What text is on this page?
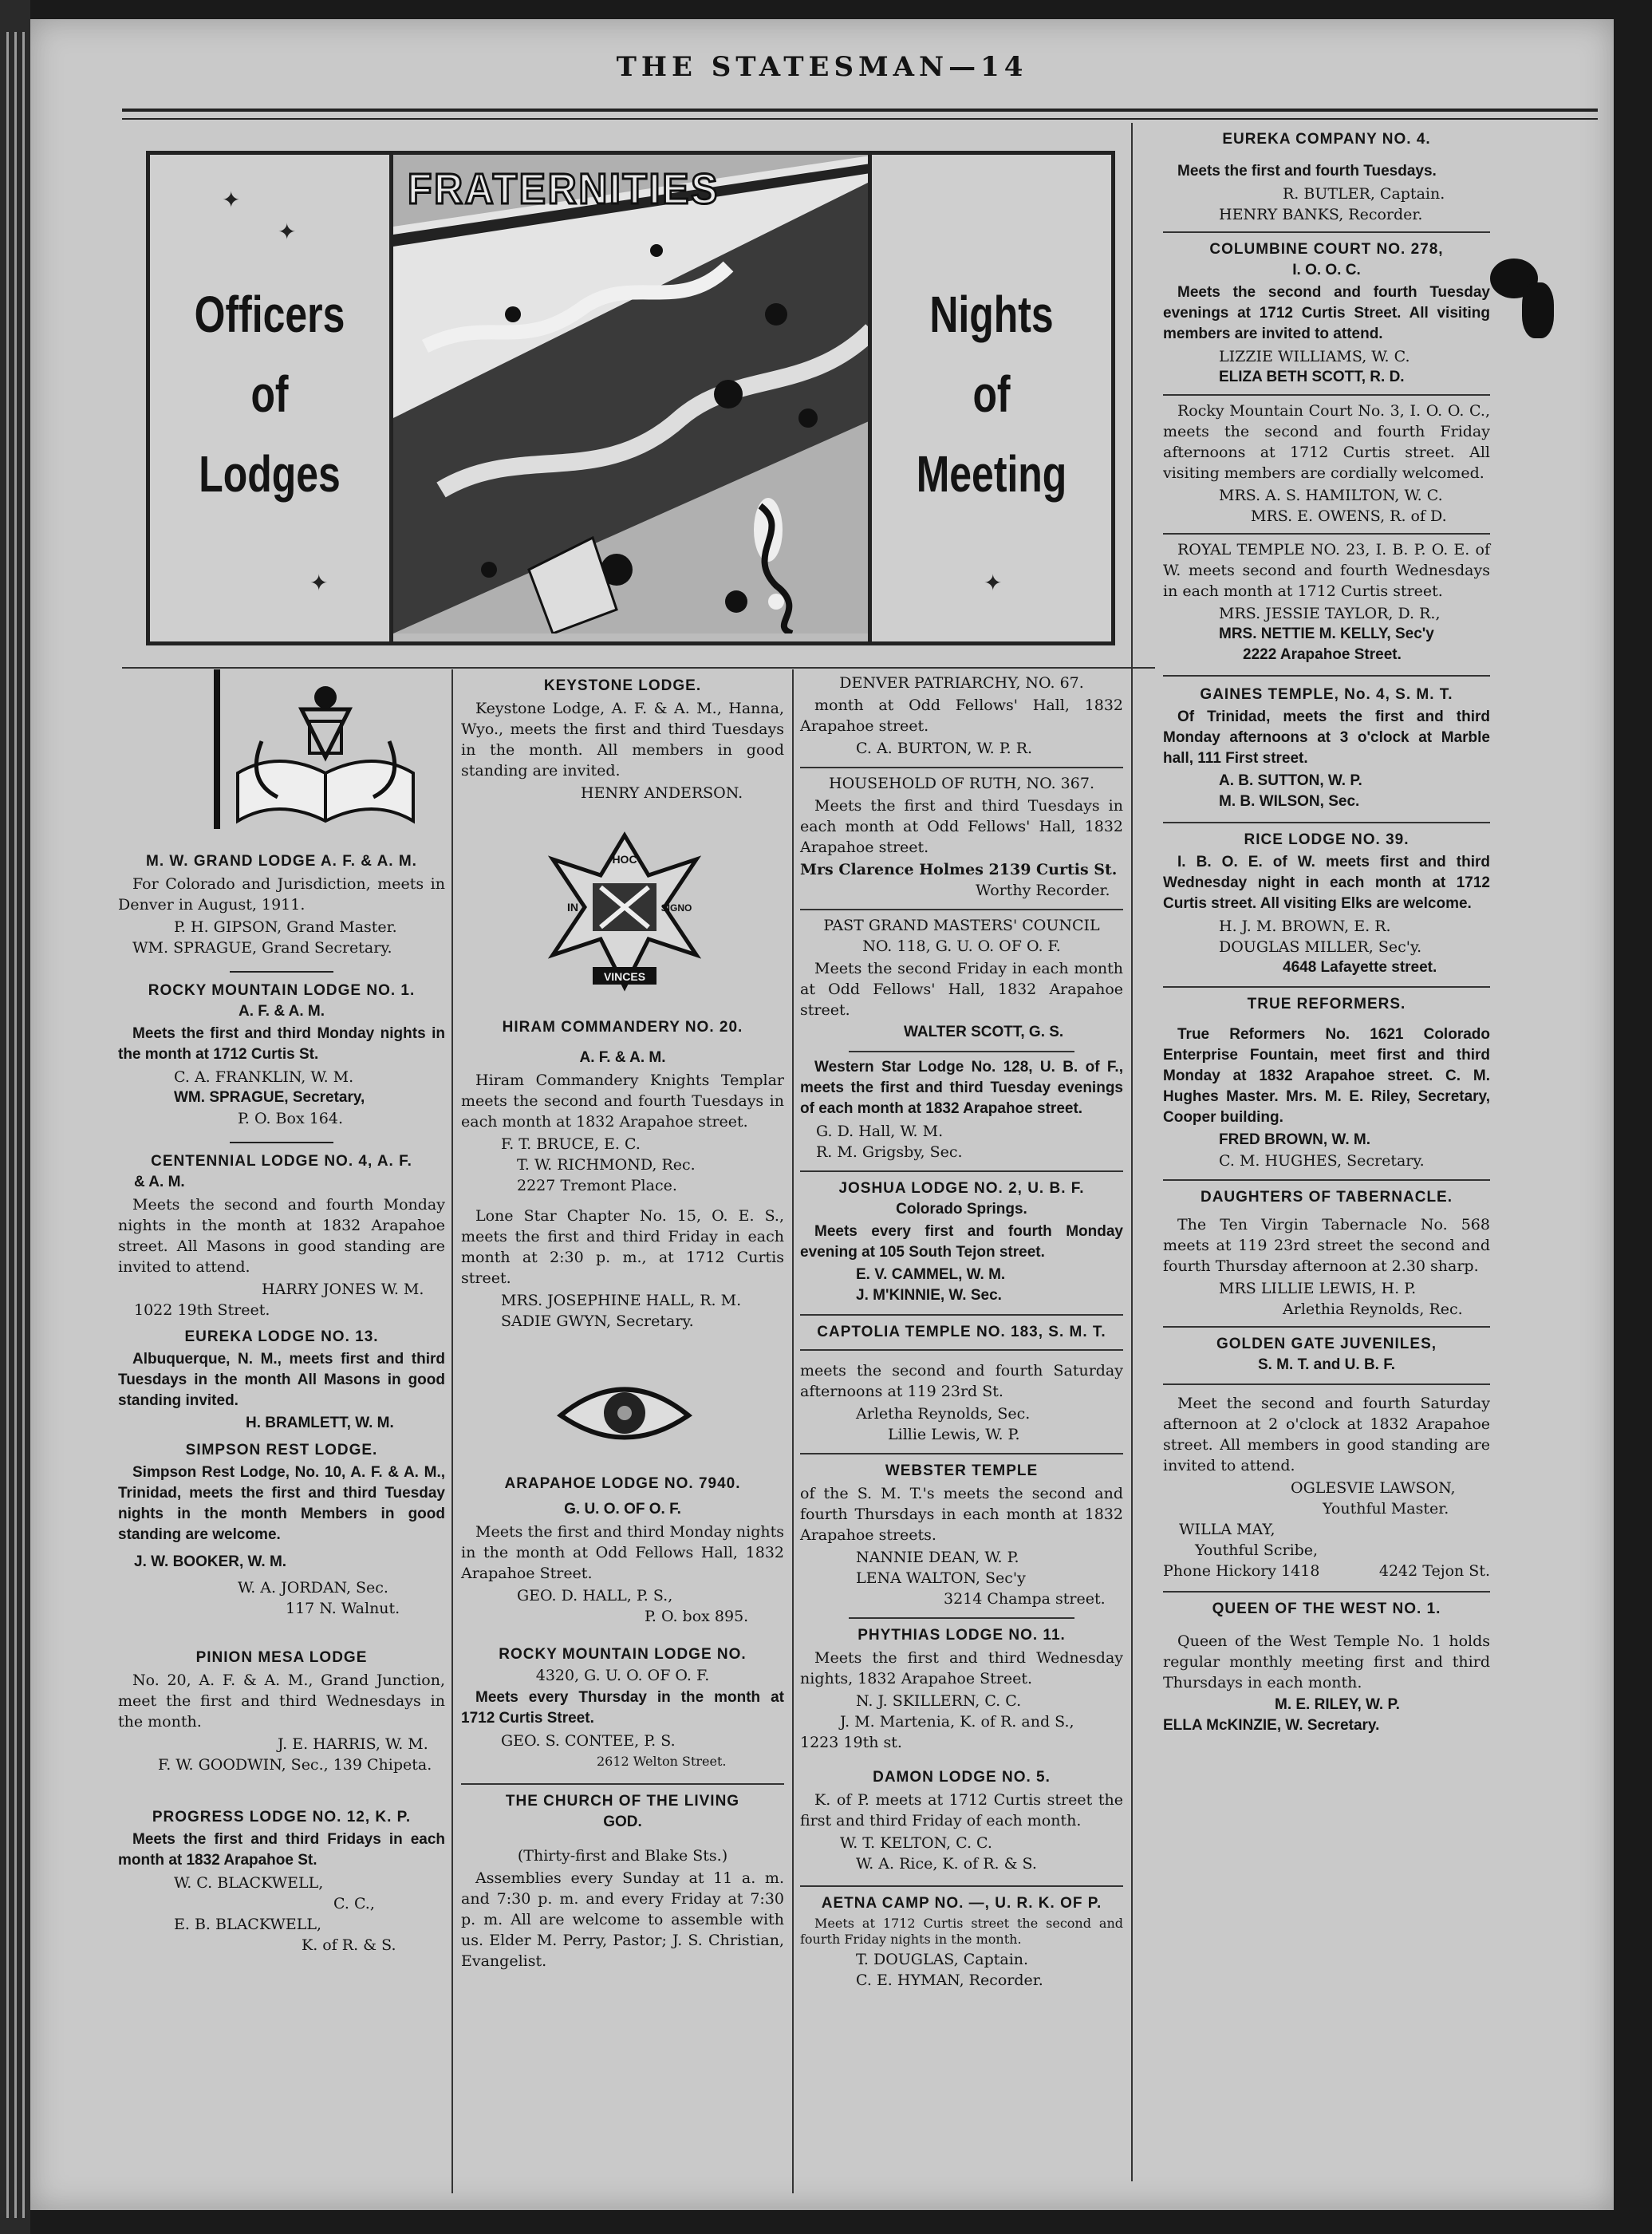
THE STATESMAN—14
✦
✦
Officers
of
Lodges
✦
FRATERNITIES
Nights
of
Meeting
✦
M. W. GRAND LODGE A. F. & A. M.
For Colorado and Jurisdiction, meets in Denver in August, 1911.
P. H. GIPSON, Grand Master.
WM. SPRAGUE, Grand Secretary.
ROCKY MOUNTAIN LODGE NO. 1.
A. F. & A. M.
Meets the first and third Monday nights in the month at 1712 Curtis St.
C. A. FRANKLIN, W. M.
WM. SPRAGUE, Secretary,
P. O. Box 164.
CENTENNIAL LODGE NO. 4, A. F.
& A. M.
Meets the second and fourth Monday nights in the month at 1832 Arapahoe street. All Masons in good standing are invited to attend.
HARRY JONES W. M.
1022 19th Street.
EUREKA LODGE NO. 13.
Albuquerque, N. M., meets first and third Tuesdays in the month All Masons in good standing invited.
H. BRAMLETT, W. M.
SIMPSON REST LODGE.
Simpson Rest Lodge, No. 10, A. F. & A. M., Trinidad, meets the first and third Tuesday nights in the month Members in good standing are welcome.
J. W. BOOKER, W. M.
W. A. JORDAN, Sec.
117 N. Walnut.
PINION MESA LODGE
No. 20, A. F. & A. M., Grand Junction, meet the first and third Wednesdays in the month.
J. E. HARRIS, W. M.
F. W. GOODWIN, Sec., 139 Chipeta.
PROGRESS LODGE NO. 12, K. P.
Meets the first and third Fridays in each month at 1832 Arapahoe St.
W. C. BLACKWELL,
C. C.,
E. B. BLACKWELL,
K. of R. & S.
KEYSTONE LODGE.
Keystone Lodge, A. F. & A. M., Hanna, Wyo., meets the first and third Tuesdays in the month. All members in good standing are invited.
HENRY ANDERSON.
VINCES
HOC
IN	SIGNO
HIRAM COMMANDERY NO. 20.
A. F. & A. M.
Hiram Commandery Knights Templar meets the second and fourth Tuesdays in each month at 1832 Arapahoe street.
F. T. BRUCE, E. C.
T. W. RICHMOND, Rec.
2227 Tremont Place.
Lone Star Chapter No. 15, O. E. S., meets the first and third Friday in each month at 2:30 p. m., at 1712 Curtis street.
MRS. JOSEPHINE HALL, R. M.
SADIE GWYN, Secretary.
ARAPAHOE LODGE NO. 7940.
G. U. O. OF O. F.
Meets the first and third Monday nights in the month at Odd Fellows Hall, 1832 Arapahoe Street.
GEO. D. HALL, P. S.,
P. O. box 895.
ROCKY MOUNTAIN LODGE NO.
4320, G. U. O. OF O. F.
Meets every Thursday in the month at 1712 Curtis Street.
GEO. S. CONTEE, P. S.
2612 Welton Street.
THE CHURCH OF THE LIVING
GOD.
(Thirty-first and Blake Sts.)
Assemblies every Sunday at 11 a. m. and 7:30 p. m. and every Friday at 7:30 p. m. All are welcome to assemble with us. Elder M. Perry, Pastor; J. S. Christian, Evangelist.
DENVER PATRIARCHY, NO. 67.
month at Odd Fellows' Hall, 1832 Arapahoe street.
C. A. BURTON, W. P. R.
HOUSEHOLD OF RUTH, NO. 367.
Meets the first and third Tuesdays in each month at Odd Fellows' Hall, 1832 Arapahoe street.
Mrs Clarence Holmes 2139 Curtis St.
Worthy Recorder.
PAST GRAND MASTERS' COUNCIL
NO. 118, G. U. O. OF O. F.
Meets the second Friday in each month at Odd Fellows' Hall, 1832 Arapahoe street.
WALTER SCOTT, G. S.
Western Star Lodge No. 128, U. B. of F., meets the first and third Tuesday evenings of each month at 1832 Arapahoe street.
G. D. Hall, W. M.
R. M. Grigsby, Sec.
JOSHUA LODGE NO. 2, U. B. F.
Colorado Springs.
Meets every first and fourth Monday evening at 105 South Tejon street.
E. V. CAMMEL, W. M.
J. M'KINNIE, W. Sec.
CAPTOLIA TEMPLE NO. 183, S. M. T.
meets the second and fourth Saturday afternoons at 119 23rd St.
Arletha Reynolds, Sec.
Lillie Lewis, W. P.
WEBSTER TEMPLE
of the S. M. T.'s meets the second and fourth Thursdays in each month at 1832 Arapahoe streets.
NANNIE DEAN, W. P.
LENA WALTON, Sec'y
3214 Champa street.
PHYTHIAS LODGE NO. 11.
Meets the first and third Wednesday nights, 1832 Arapahoe Street.
N. J. SKILLERN, C. C.
J. M. Martenia, K. of R. and S.,
1223 19th st.
DAMON LODGE NO. 5.
K. of P. meets at 1712 Curtis street the first and third Friday of each month.
W. T. KELTON, C. C.
W. A. Rice, K. of R. & S.
AETNA CAMP NO. —, U. R. K. OF P.
Meets at 1712 Curtis street the second and fourth Friday nights in the month.
T. DOUGLAS, Captain.
C. E. HYMAN, Recorder.
EUREKA COMPANY NO. 4.
Meets the first and fourth Tuesdays.
R. BUTLER, Captain.
HENRY BANKS, Recorder.
COLUMBINE COURT NO. 278,
I. O. O. C.
Meets the second and fourth Tuesday evenings at 1712 Curtis Street. All visiting members are invited to attend.
LIZZIE WILLIAMS, W. C.
ELIZA BETH SCOTT, R. D.
Rocky Mountain Court No. 3, I. O. O. C., meets the second and fourth Friday afternoons at 1712 Curtis street. All visiting members are cordially welcomed.
MRS. A. S. HAMILTON, W. C.
MRS. E. OWENS, R. of D.
ROYAL TEMPLE NO. 23, I. B. P. O. E. of W. meets second and fourth Wednesdays in each month at 1712 Curtis street.
MRS. JESSIE TAYLOR, D. R.,
MRS. NETTIE M. KELLY, Sec'y
2222 Arapahoe Street.
GAINES TEMPLE, No. 4, S. M. T.
Of Trinidad, meets the first and third Monday afternoons at 3 o'clock at Marble hall, 111 First street.
A. B. SUTTON, W. P.
M. B. WILSON, Sec.
RICE LODGE NO. 39.
I. B. O. E. of W. meets first and third Wednesday night in each month at 1712 Curtis street. All visiting Elks are welcome.
H. J. M. BROWN, E. R.
DOUGLAS MILLER, Sec'y.
4648 Lafayette street.
TRUE REFORMERS.
True Reformers No. 1621 Colorado Enterprise Fountain, meet first and third Monday at 1832 Arapahoe street. C. M. Hughes Master. Mrs. M. E. Riley, Secretary, Cooper building.
FRED BROWN, W. M.
C. M. HUGHES, Secretary.
DAUGHTERS OF TABERNACLE.
The Ten Virgin Tabernacle No. 568 meets at 119 23rd street the second and fourth Thursday afternoon at 2.30 sharp.
MRS LILLIE LEWIS, H. P.
Arlethia Reynolds, Rec.
GOLDEN GATE JUVENILES,
S. M. T. and U. B. F.
Meet the second and fourth Saturday afternoon at 2 o'clock at 1832 Arapahoe street. All members in good standing are invited to attend.
OGLESVIE LAWSON,
Youthful Master.
WILLA MAY,
Youthful Scribe,
Phone Hickory 1418	4242 Tejon St.
QUEEN OF THE WEST NO. 1.
Queen of the West Temple No. 1 holds regular monthly meeting first and third Thursdays in each month.
M. E. RILEY, W. P.
ELLA McKINZIE, W. Secretary.
